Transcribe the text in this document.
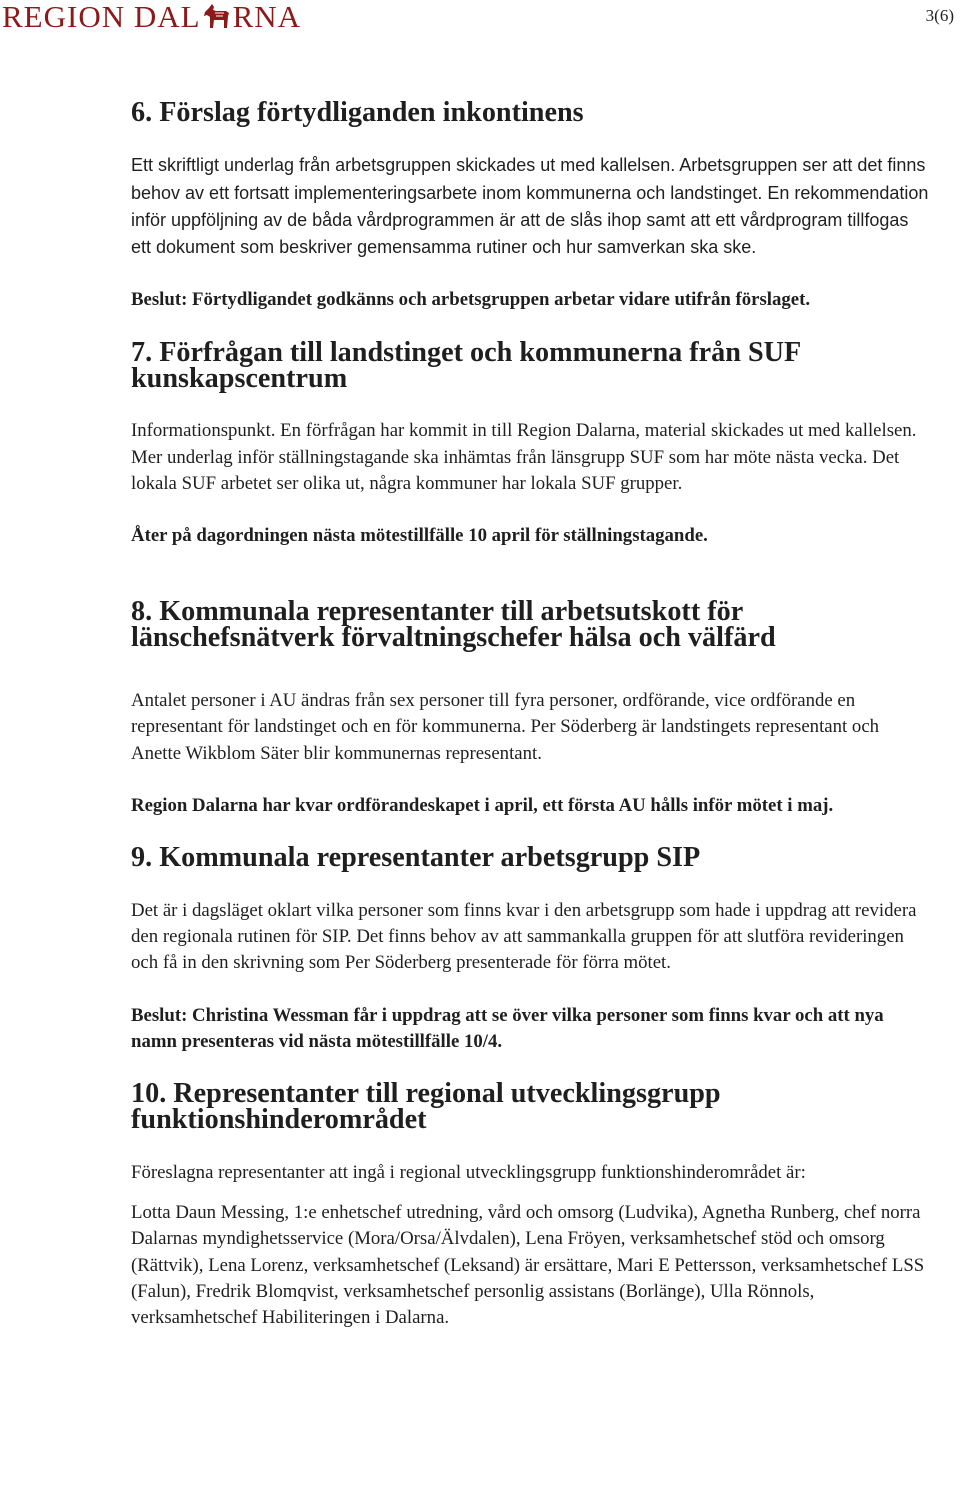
REGION DAL RNA	3(6)
6. Förslag förtydliganden inkontinens

Ett skriftligt underlag från arbetsgruppen skickades ut med kallelsen. Arbetsgruppen ser att det finns behov av ett fortsatt implementeringsarbete inom kommunerna och landstinget. En rekommendation inför uppföljning av de båda vårdprogrammen är att de slås ihop samt att ett vårdprogram tillfogas ett dokument som beskriver gemensamma rutiner och hur samverkan ska ske.

Beslut: Förtydligandet godkänns och arbetsgruppen arbetar vidare utifrån förslaget.

7. Förfrågan till landstinget och kommunerna från SUF kunskapscentrum

Informationspunkt. En förfrågan har kommit in till Region Dalarna, material skickades ut med kallelsen.

Mer underlag inför ställningstagande ska inhämtas från länsgrupp SUF som har möte nästa vecka. Det lokala SUF arbetet ser olika ut, några kommuner har lokala SUF grupper.

Åter på dagordningen nästa mötestillfälle 10 april för ställningstagande.

8. Kommunala representanter till arbetsutskott för länschefsnätverk förvaltningschefer hälsa och välfärd

Antalet personer i AU ändras från sex personer till fyra personer, ordförande, vice ordförande en representant för landstinget och en för kommunerna. Per Söderberg är landstingets representant och Anette Wikblom Säter blir kommunernas representant.

Region Dalarna har kvar ordförandeskapet i april, ett första AU hålls inför mötet i maj.

9. Kommunala representanter arbetsgrupp SIP

Det är i dagsläget oklart vilka personer som finns kvar i den arbetsgrupp som hade i uppdrag att revidera den regionala rutinen för SIP. Det finns behov av att sammankalla gruppen för att slutföra revideringen och få in den skrivning som Per Söderberg presenterade för förra mötet.

Beslut: Christina Wessman får i uppdrag att se över vilka personer som finns kvar och att nya namn presenteras vid nästa mötestillfälle 10/4.

10. Representanter till regional utvecklingsgrupp funktionshinderområdet

Föreslagna representanter att ingå i regional utvecklingsgrupp funktionshinderområdet är:

Lotta Daun Messing, 1:e enhetschef utredning, vård och omsorg (Ludvika), Agnetha Runberg, chef norra Dalarnas myndighetsservice (Mora/Orsa/Älvdalen), Lena Fröyen, verksamhetschef stöd och omsorg (Rättvik), Lena Lorenz, verksamhetschef (Leksand) är ersättare, Mari E Pettersson, verksamhetschef LSS (Falun), Fredrik Blomqvist, verksamhetschef personlig assistans (Borlänge), Ulla Rönnols, verksamhetschef Habiliteringen i Dalarna.
